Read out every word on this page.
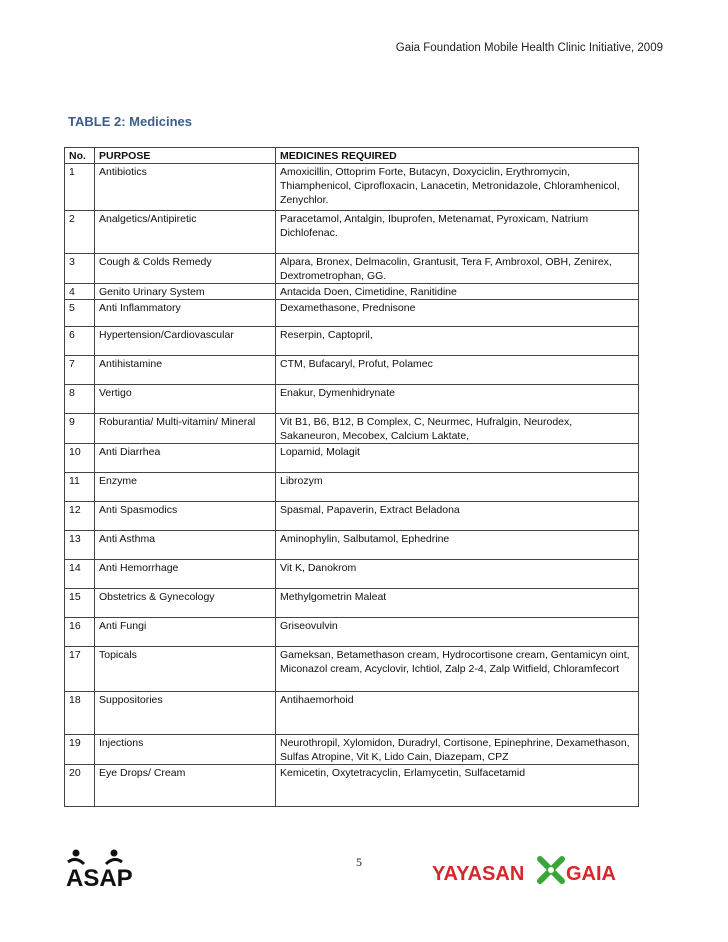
Gaia Foundation Mobile Health Clinic Initiative, 2009
TABLE 2: Medicines
No.	PURPOSE	MEDICINES REQUIRED
1	Antibiotics	Amoxicillin, Ottoprim Forte, Butacyn, Doxyciclin, Erythromycin, Thiamphenicol, Ciprofloxacin, Lanacetin, Metronidazole, Chloramhenicol, Zenychlor.
2	Analgetics/Antipiretic	Paracetamol, Antalgin, Ibuprofen, Metenamat, Pyroxicam, Natrium Dichlofenac.
3	Cough & Colds Remedy	Alpara, Bronex, Delmacolin, Grantusit, Tera F, Ambroxol, OBH, Zenirex, Dextrometrophan, GG.
4	Genito Urinary System	Antacida Doen, Cimetidine, Ranitidine
5	Anti Inflammatory	Dexamethasone, Prednisone
6	Hypertension/Cardiovascular	Reserpin, Captopril,
7	Antihistamine	CTM, Bufacaryl, Profut, Polamec
8	Vertigo	Enakur, Dymenhidrynate
9	Roburantia/ Multi-vitamin/ Mineral	Vit B1, B6, B12, B Complex, C, Neurmec, Hufralgin, Neurodex, Sakaneuron, Mecobex, Calcium Laktate,
10	Anti Diarrhea	Lopamid, Molagit
11	Enzyme	Librozym
12	Anti Spasmodics	Spasmal, Papaverin, Extract Beladona
13	Anti Asthma	Aminophylin, Salbutamol, Ephedrine
14	Anti Hemorrhage	Vit K, Danokrom
15	Obstetrics & Gynecology	Methylgometrin Maleat
16	Anti Fungi	Griseovulvin
17	Topicals	Gameksan, Betamethason cream, Hydrocortisone cream, Gentamicyn oint, Miconazol cream, Acyclovir, Ichtiol, Zalp 2-4, Zalp Witfield, Chloramfecort
18	Suppositories	Antihaemorhoid
19	Injections	Neurothropil, Xylomidon, Duradryl, Cortisone, Epinephrine, Dexamethason, Sulfas Atropine, Vit K, Lido Cain, Diazepam, CPZ
20	Eye Drops/ Cream	Kemicetin, Oxytetracyclin, Erlamycetin, Sulfacetamid
ASAP
5
YAYASAN GAIA
